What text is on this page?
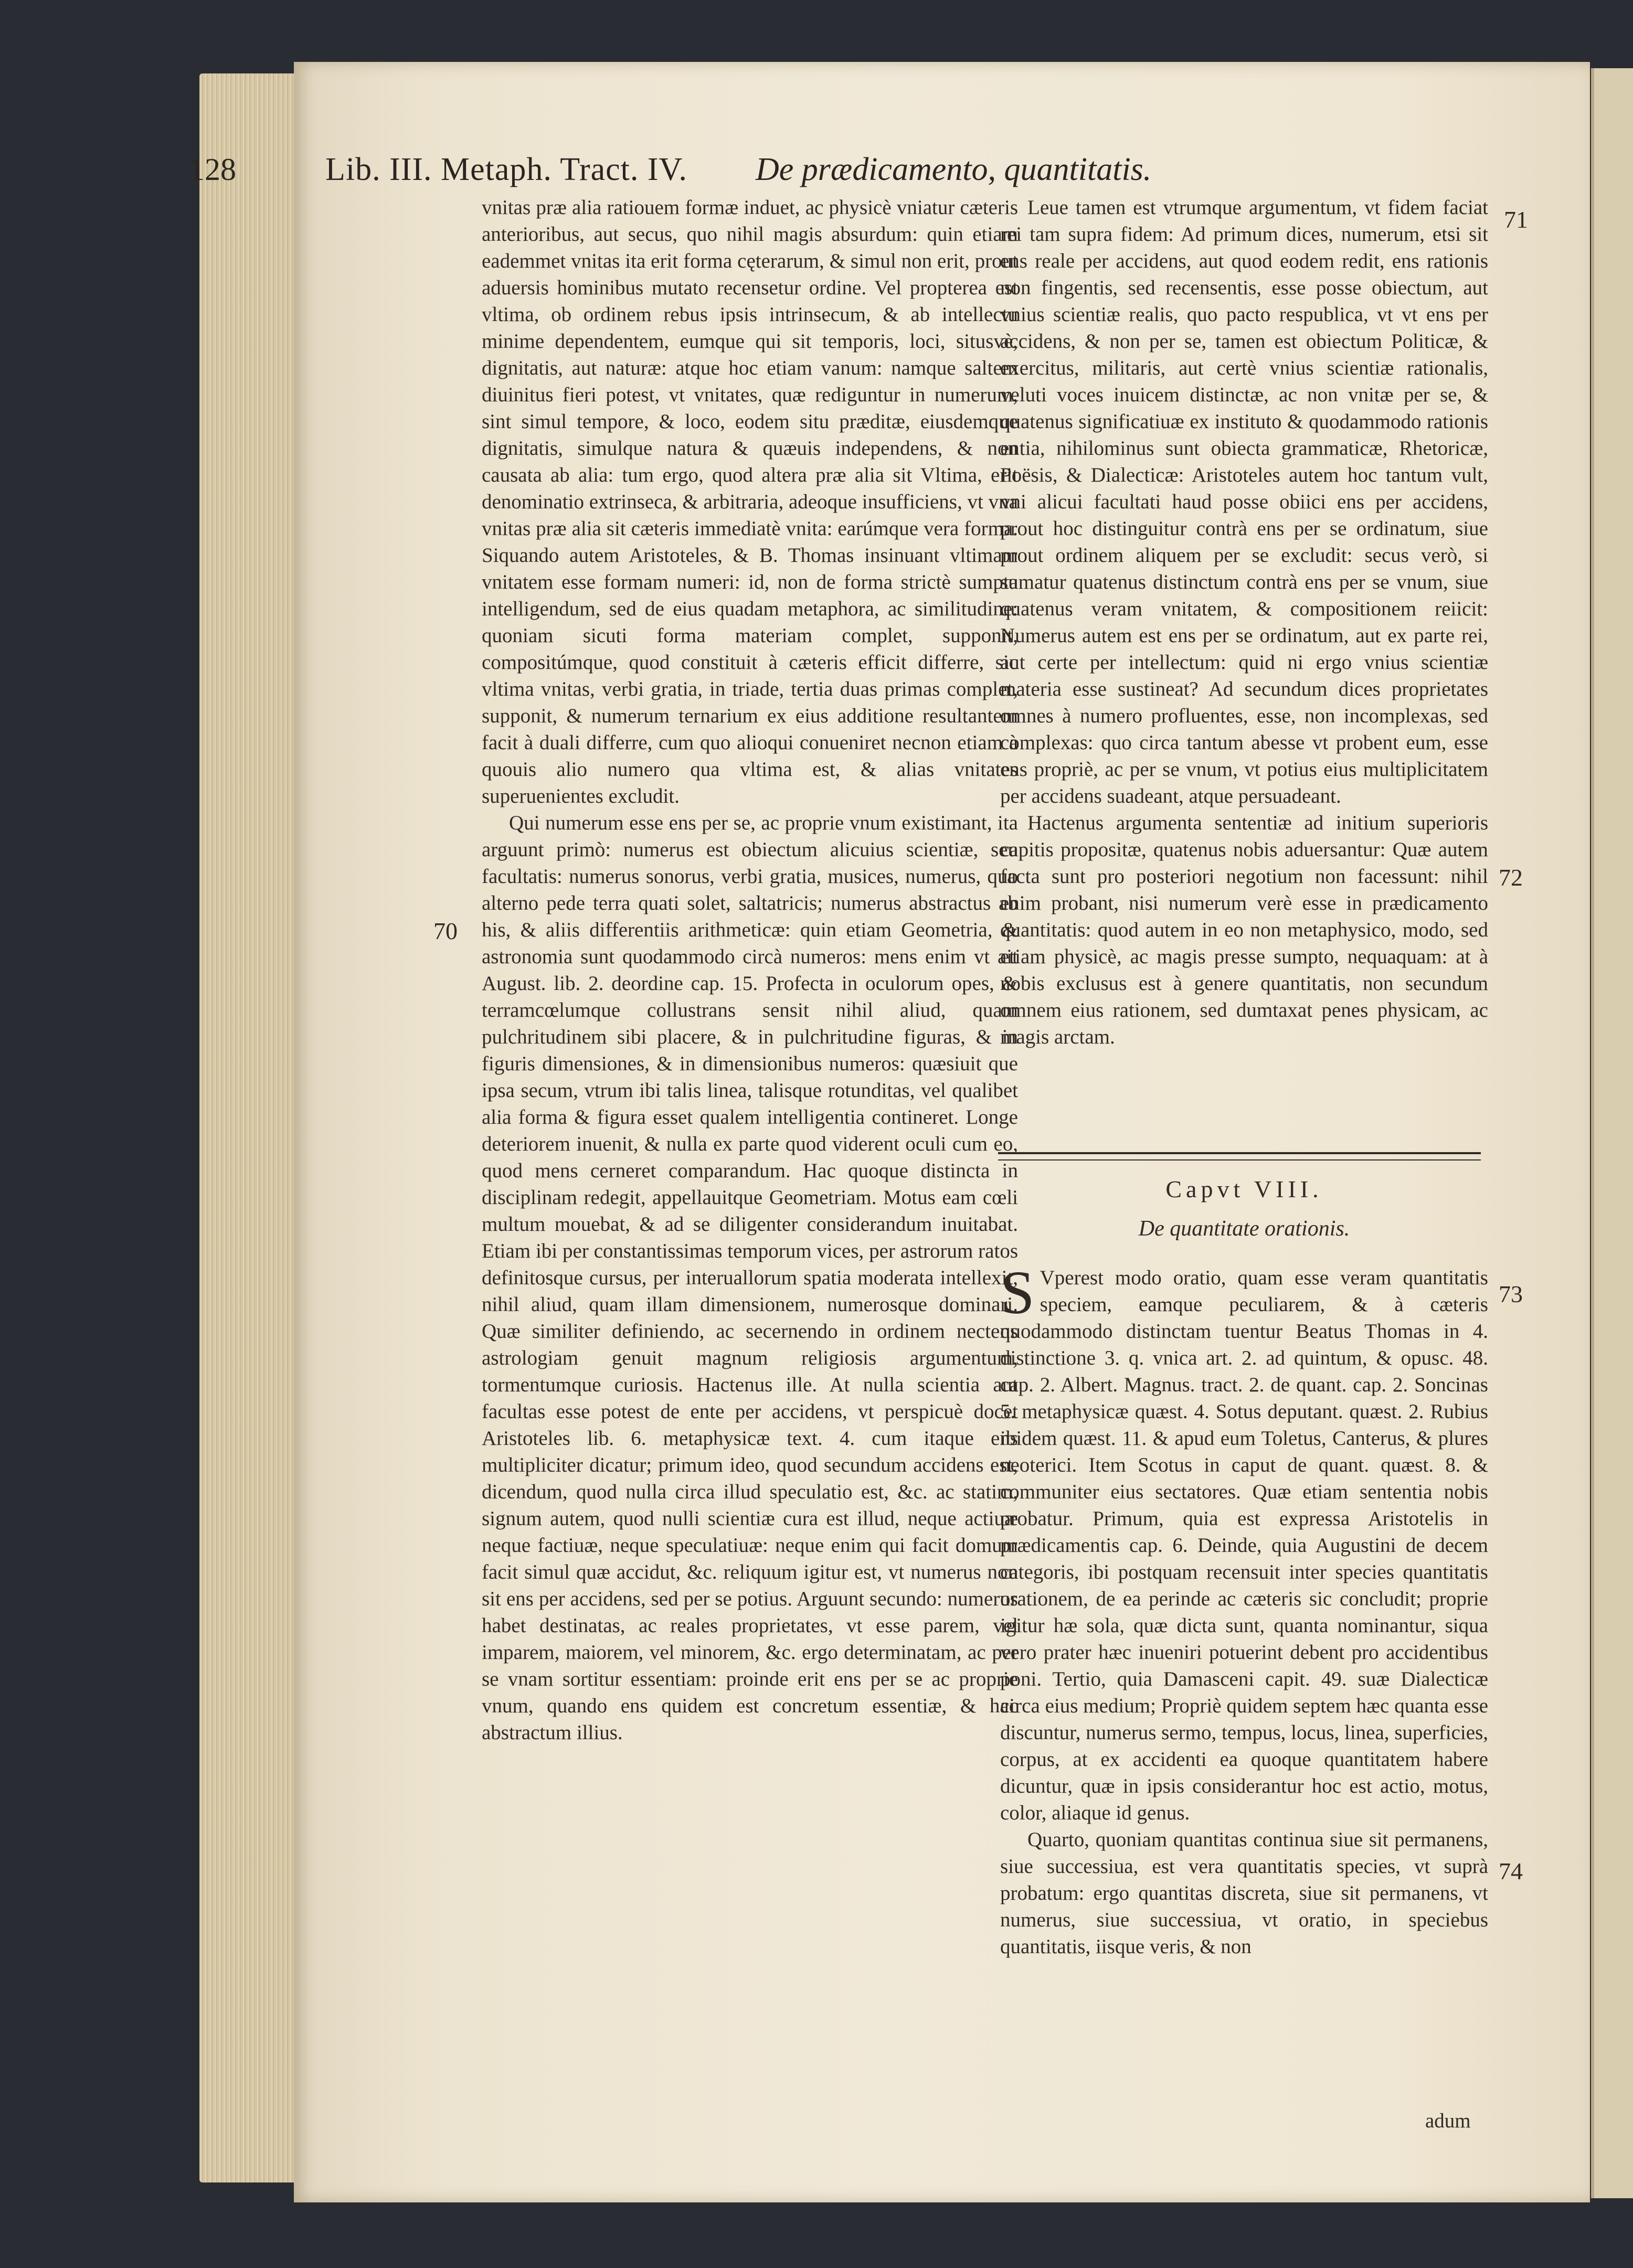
128	Lib. III. Metaph. Tract. IV.	De prædicamento, quantitatis.

vnitas præ alia ratiouem formæ induet, ac physicè vniatur cæteris anterioribus, aut secus, quo nihil magis absurdum: quin etiam eademmet vnitas ita erit forma cęterarum, & simul non erit, prout aduersis hominibus mutato recensetur ordine. Vel propterea est vltima, ob ordinem rebus ipsis intrinsecum, & ab intellectu minime dependentem, eumque qui sit temporis, loci, situsvè, dignitatis, aut naturæ: atque hoc etiam vanum: namque saltem diuinitus fieri potest, vt vnitates, quæ rediguntur in numerum, sint simul tempore, & loco, eodem situ præditæ, eiusdemque dignitatis, simulque natura & quæuis independens, & non causata ab alia: tum ergo, quod altera præ alia sit Vltima, erit denominatio extrinseca, & arbitraria, adeoque insufficiens, vt vna vnitas præ alia sit cæteris immediatè vnita: earúmque vera forma. Siquando autem Aristoteles, & B. Thomas insinuant vltimam vnitatem esse formam numeri: id, non de forma strictè sumpta intelligendum, sed de eius quadam metaphora, ac similitudine: quoniam sicuti forma materiam complet, supponit, compositúmque, quod constituit à cæteris efficit differre, sic vltima vnitas, verbi gratia, in triade, tertia duas primas complet, supponit, & numerum ternarium ex eius additione resultantem facit à duali differre, cum quo alioqui conueniret necnon etiam à quouis alio numero qua vltima est, & alias vnitates superuenientes excludit.

Qui numerum esse ens per se, ac proprie vnum existimant, ita arguunt primò: numerus est obiectum alicuius scientiæ, seu facultatis: numerus sonorus, verbi gratia, musices, numerus, quo alterno pede terra quati solet, saltatricis; numerus abstractus ab his, & aliis differentiis arithmeticæ: quin etiam Geometria, & astronomia sunt quodammodo circà numeros: mens enim vt ait August. lib. 2. deordine cap. 15. Profecta in oculorum opes, & terramcœlumque collustrans sensit nihil aliud, quam pulchritudinem sibi placere, & in pulchritudine figuras, & in figuris dimensiones, & in dimensionibus numeros: quæsiuit que ipsa secum, vtrum ibi talis linea, talisque rotunditas, vel qualibet alia forma & figura esset qualem intelligentia contineret. Longe deteriorem inuenit, & nulla ex parte quod viderent oculi cum eo, quod mens cerneret comparandum. Hac quoque distincta in disciplinam redegit, appellauitque Geometriam. Motus eam cœli multum mouebat, & ad se diligenter considerandum inuitabat. Etiam ibi per constantissimas temporum vices, per astrorum ratos definitosque cursus, per interuallorum spatia moderata intellexit, nihil aliud, quam illam dimensionem, numerosque dominari. Quæ similiter definiendo, ac secernendo in ordinem nectens astrologiam genuit magnum religiosis argumentum, tormentumque curiosis. Hactenus ille. At nulla scientia aut facultas esse potest de ente per accidens, vt perspicuè docet Aristoteles lib. 6. metaphysicæ text. 4. cum itaque ens multipliciter dicatur; primum ideo, quod secundum accidens est, dicendum, quod nulla circa illud speculatio est, &c. ac statim, signum autem, quod nulli scientiæ cura est illud, neque actiuæ neque factiuæ, neque speculatiuæ: neque enim qui facit domum facit simul quæ accidut, &c. reliquum igitur est, vt numerus non sit ens per accidens, sed per se potius. Arguunt secundo: numerus habet destinatas, ac reales proprietates, vt esse parem, vel imparem, maiorem, vel minorem, &c. ergo determinatam, ac per se vnam sortitur essentiam: proinde erit ens per se ac proprie vnum, quando ens quidem est concretum essentiæ, & hac abstractum illius.

Leue tamen est vtrumque argumentum, vt fidem faciat rei tam supra fidem: Ad primum dices, numerum, etsi sit ens reale per accidens, aut quod eodem redit, ens rationis non fingentis, sed recensentis, esse posse obiectum, aut vnius scientiæ realis, quo pacto respublica, vt vt ens per accidens, & non per se, tamen est obiectum Politicæ, & exercitus, militaris, aut certè vnius scientiæ rationalis, veluti voces inuicem distinctæ, ac non vnitæ per se, & quatenus significatiuæ ex instituto & quodammodo rationis entia, nihilominus sunt obiecta grammaticæ, Rhetoricæ, Poësis, & Dialecticæ: Aristoteles autem hoc tantum vult, vni alicui facultati haud posse obiici ens per accidens, prout hoc distinguitur contrà ens per se ordinatum, siue prout ordinem aliquem per se excludit: secus verò, si sumatur quatenus distinctum contrà ens per se vnum, siue quatenus veram vnitatem, & compositionem reiicit: Numerus autem est ens per se ordinatum, aut ex parte rei, aut certe per intellectum: quid ni ergo vnius scientiæ materia esse sustineat? Ad secundum dices proprietates omnes à numero profluentes, esse, non incomplexas, sed complexas: quo circa tantum abesse vt probent eum, esse ens propriè, ac per se vnum, vt potius eius multiplicitatem per accidens suadeant, atque persuadeant.

Hactenus argumenta sententiæ ad initium superioris capitis propositæ, quatenus nobis aduersantur: Quæ autem facta sunt pro posteriori negotium non facessunt: nihil enim probant, nisi numerum verè esse in prædicamento quantitatis: quod autem in eo non metaphysico, modo, sed etiam physicè, ac magis presse sumpto, nequaquam: at à nobis exclusus est à genere quantitatis, non secundum omnem eius rationem, sed dumtaxat penes physicam, ac magis arctam.

Capvt VIII.
De quantitate orationis.

S Vperest modo oratio, quam esse veram quantitatis speciem, eamque peculiarem, & à cæteris quodammodo distinctam tuentur Beatus Thomas in 4. distinctione 3. q. vnica art. 2. ad quintum, & opusc. 48. cap. 2. Albert. Magnus. tract. 2. de quant. cap. 2. Soncinas 5. metaphysicæ quæst. 4. Sotus deputant. quæst. 2. Rubius ibidem quæst. 11. & apud eum Toletus, Canterus, & plures neoterici. Item Scotus in caput de quant. quæst. 8. & communiter eius sectatores. Quæ etiam sententia nobis probatur. Primum, quia est expressa Aristotelis in prædicamentis cap. 6. Deinde, quia Augustini de decem categoris, ibi postquam recensuit inter species quantitatis orationem, de ea perinde ac cæteris sic concludit; proprie igitur hæ sola, quæ dicta sunt, quanta nominantur, siqua vero prater hæc inueniri potuerint debent pro accidentibus poni. Tertio, quia Damasceni capit. 49. suæ Dialecticæ circa eius medium; Propriè quidem septem hæc quanta esse discuntur, numerus sermo, tempus, locus, linea, superficies, corpus, at ex accidenti ea quoque quantitatem habere dicuntur, quæ in ipsis considerantur hoc est actio, motus, color, aliaque id genus.

Quarto, quoniam quantitas continua siue sit permanens, siue successiua, est vera quantitatis species, vt suprà probatum: ergo quantitas discreta, siue sit permanens, vt numerus, siue successiua, vt oratio, in speciebus quantitatis, iisque veris, & non

adum
70
71
72
73
74
